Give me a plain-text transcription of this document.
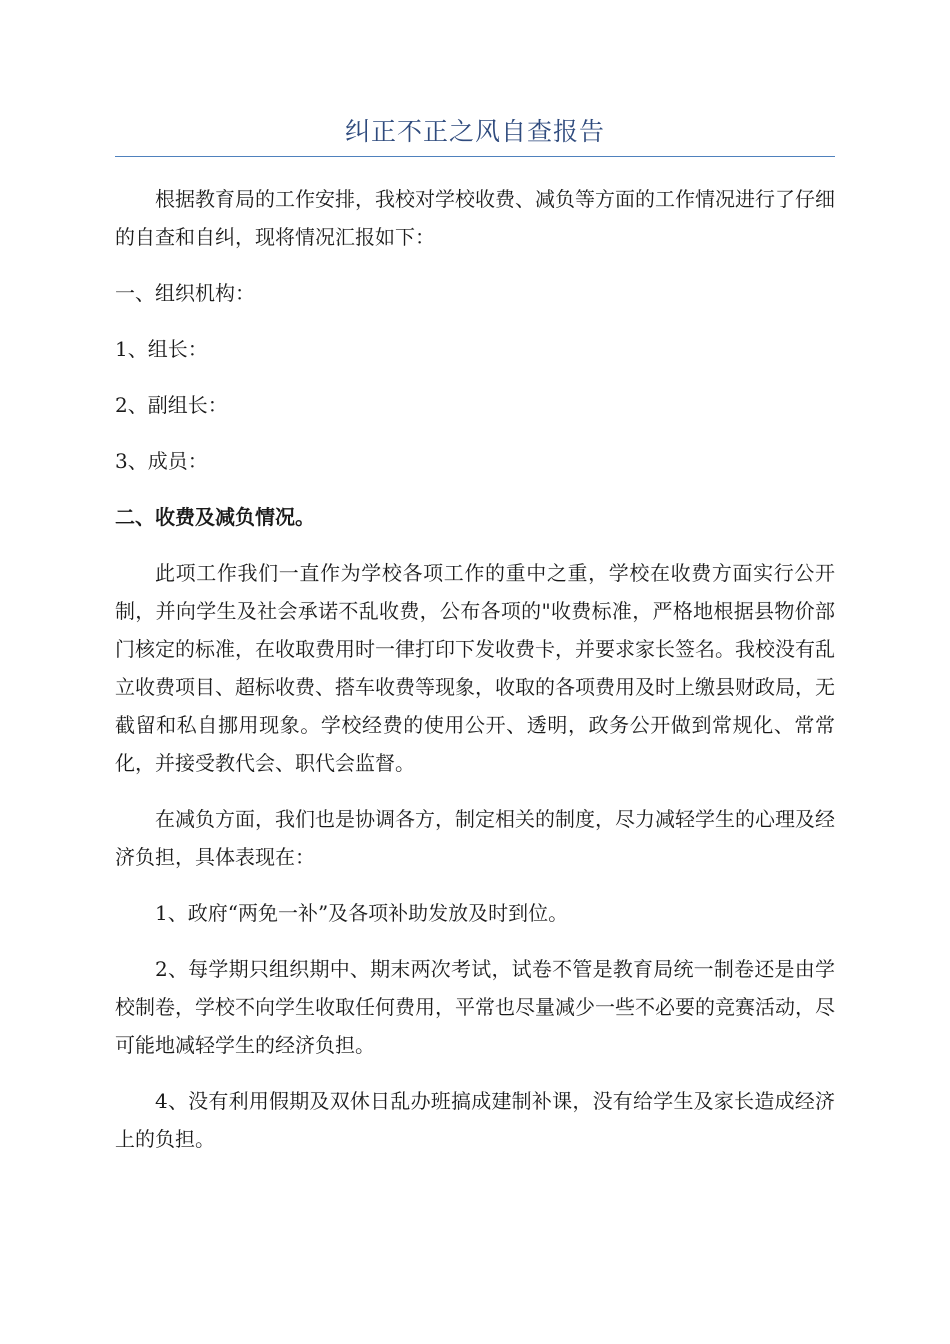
纠正不正之风自查报告

根据教育局的工作安排，我校对学校收费、减负等方面的工作情况进行了仔细的自查和自纠，现将情况汇报如下：

一、组织机构：

1、组长：

2、副组长：

3、成员：

二、收费及减负情况。

此项工作我们一直作为学校各项工作的重中之重，学校在收费方面实行公开制，并向学生及社会承诺不乱收费，公布各项的"收费标准，严格地根据县物价部门核定的标准，在收取费用时一律打印下发收费卡，并要求家长签名。我校没有乱立收费项目、超标收费、搭车收费等现象，收取的各项费用及时上缴县财政局，无截留和私自挪用现象。学校经费的使用公开、透明，政务公开做到常规化、常常化，并接受教代会、职代会监督。

在减负方面，我们也是协调各方，制定相关的制度，尽力减轻学生的心理及经济负担，具体表现在：

1、政府“两免一补”及各项补助发放及时到位。

2、每学期只组织期中、期末两次考试，试卷不管是教育局统一制卷还是由学校制卷，学校不向学生收取任何费用，平常也尽量减少一些不必要的竞赛活动，尽可能地减轻学生的经济负担。

4、没有利用假期及双休日乱办班搞成建制补课，没有给学生及家长造成经济上的负担。
